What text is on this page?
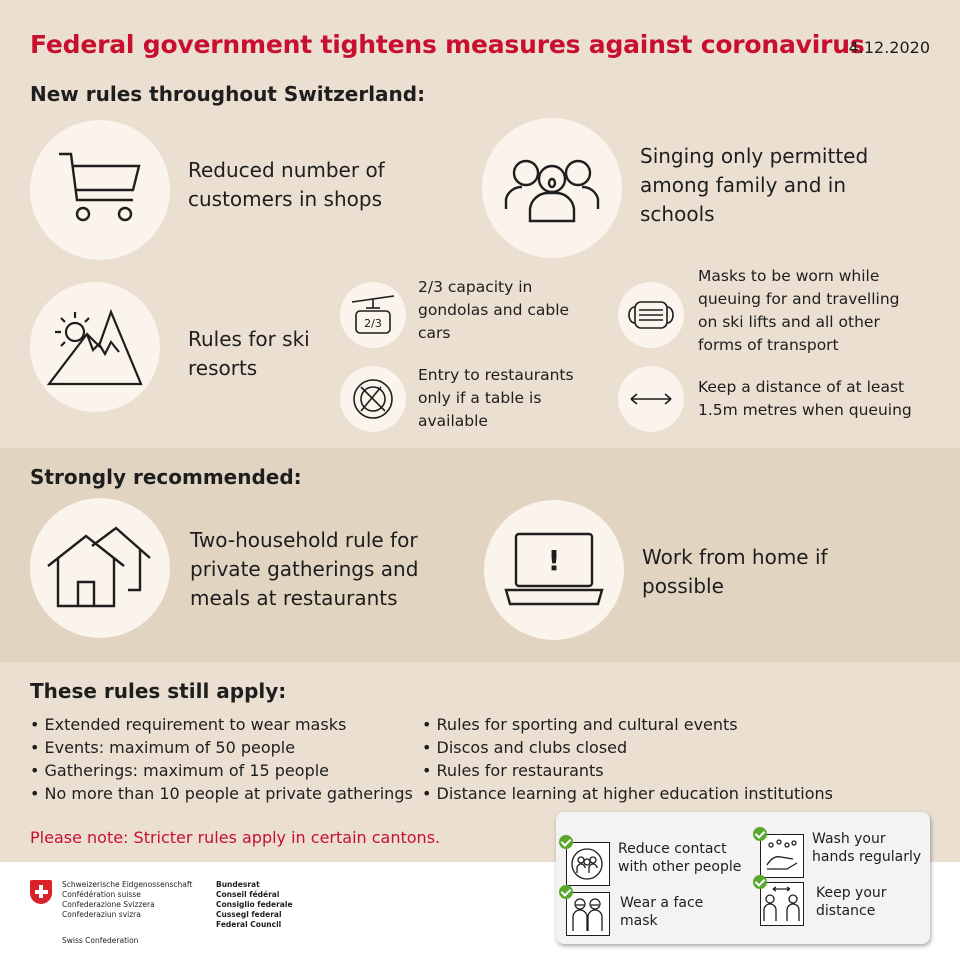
Federal government tightens measures against coronavirus
4.12.2020
New rules throughout Switzerland:
Reduced number of customers in shops
Singing only permitted among family and in schools
Rules for ski resorts
2/3
2/3 capacity in gondolas and cable cars
Entry to restaurants only if a table is available
Masks to be worn while queuing for and travelling on ski lifts and all other forms of transport
Keep a distance of at least 1.5m metres when queuing
Strongly recommended:
Two-household rule for private gatherings and meals at restaurants
!	Work from home if possible
These rules still apply:
• Extended requirement to wear masks
• Events: maximum of 50 people
• Gatherings: maximum of 15 people
• No more than 10 people at private gatherings
• Rules for sporting and cultural events
• Discos and clubs closed
• Rules for restaurants
• Distance learning at higher education institutions
Please note: Stricter rules apply in certain cantons.
Reduce contact with other people
Wash your hands regularly
Wear a face mask
Keep your distance
Schweizerische Eidgenossenschaft
Confédération suisse
Confederazione Svizzera
Confederaziun svizra
Bundesrat
Conseil fédéral
Consiglio federale
Cussegl federal
Federal Council
Swiss Confederation
